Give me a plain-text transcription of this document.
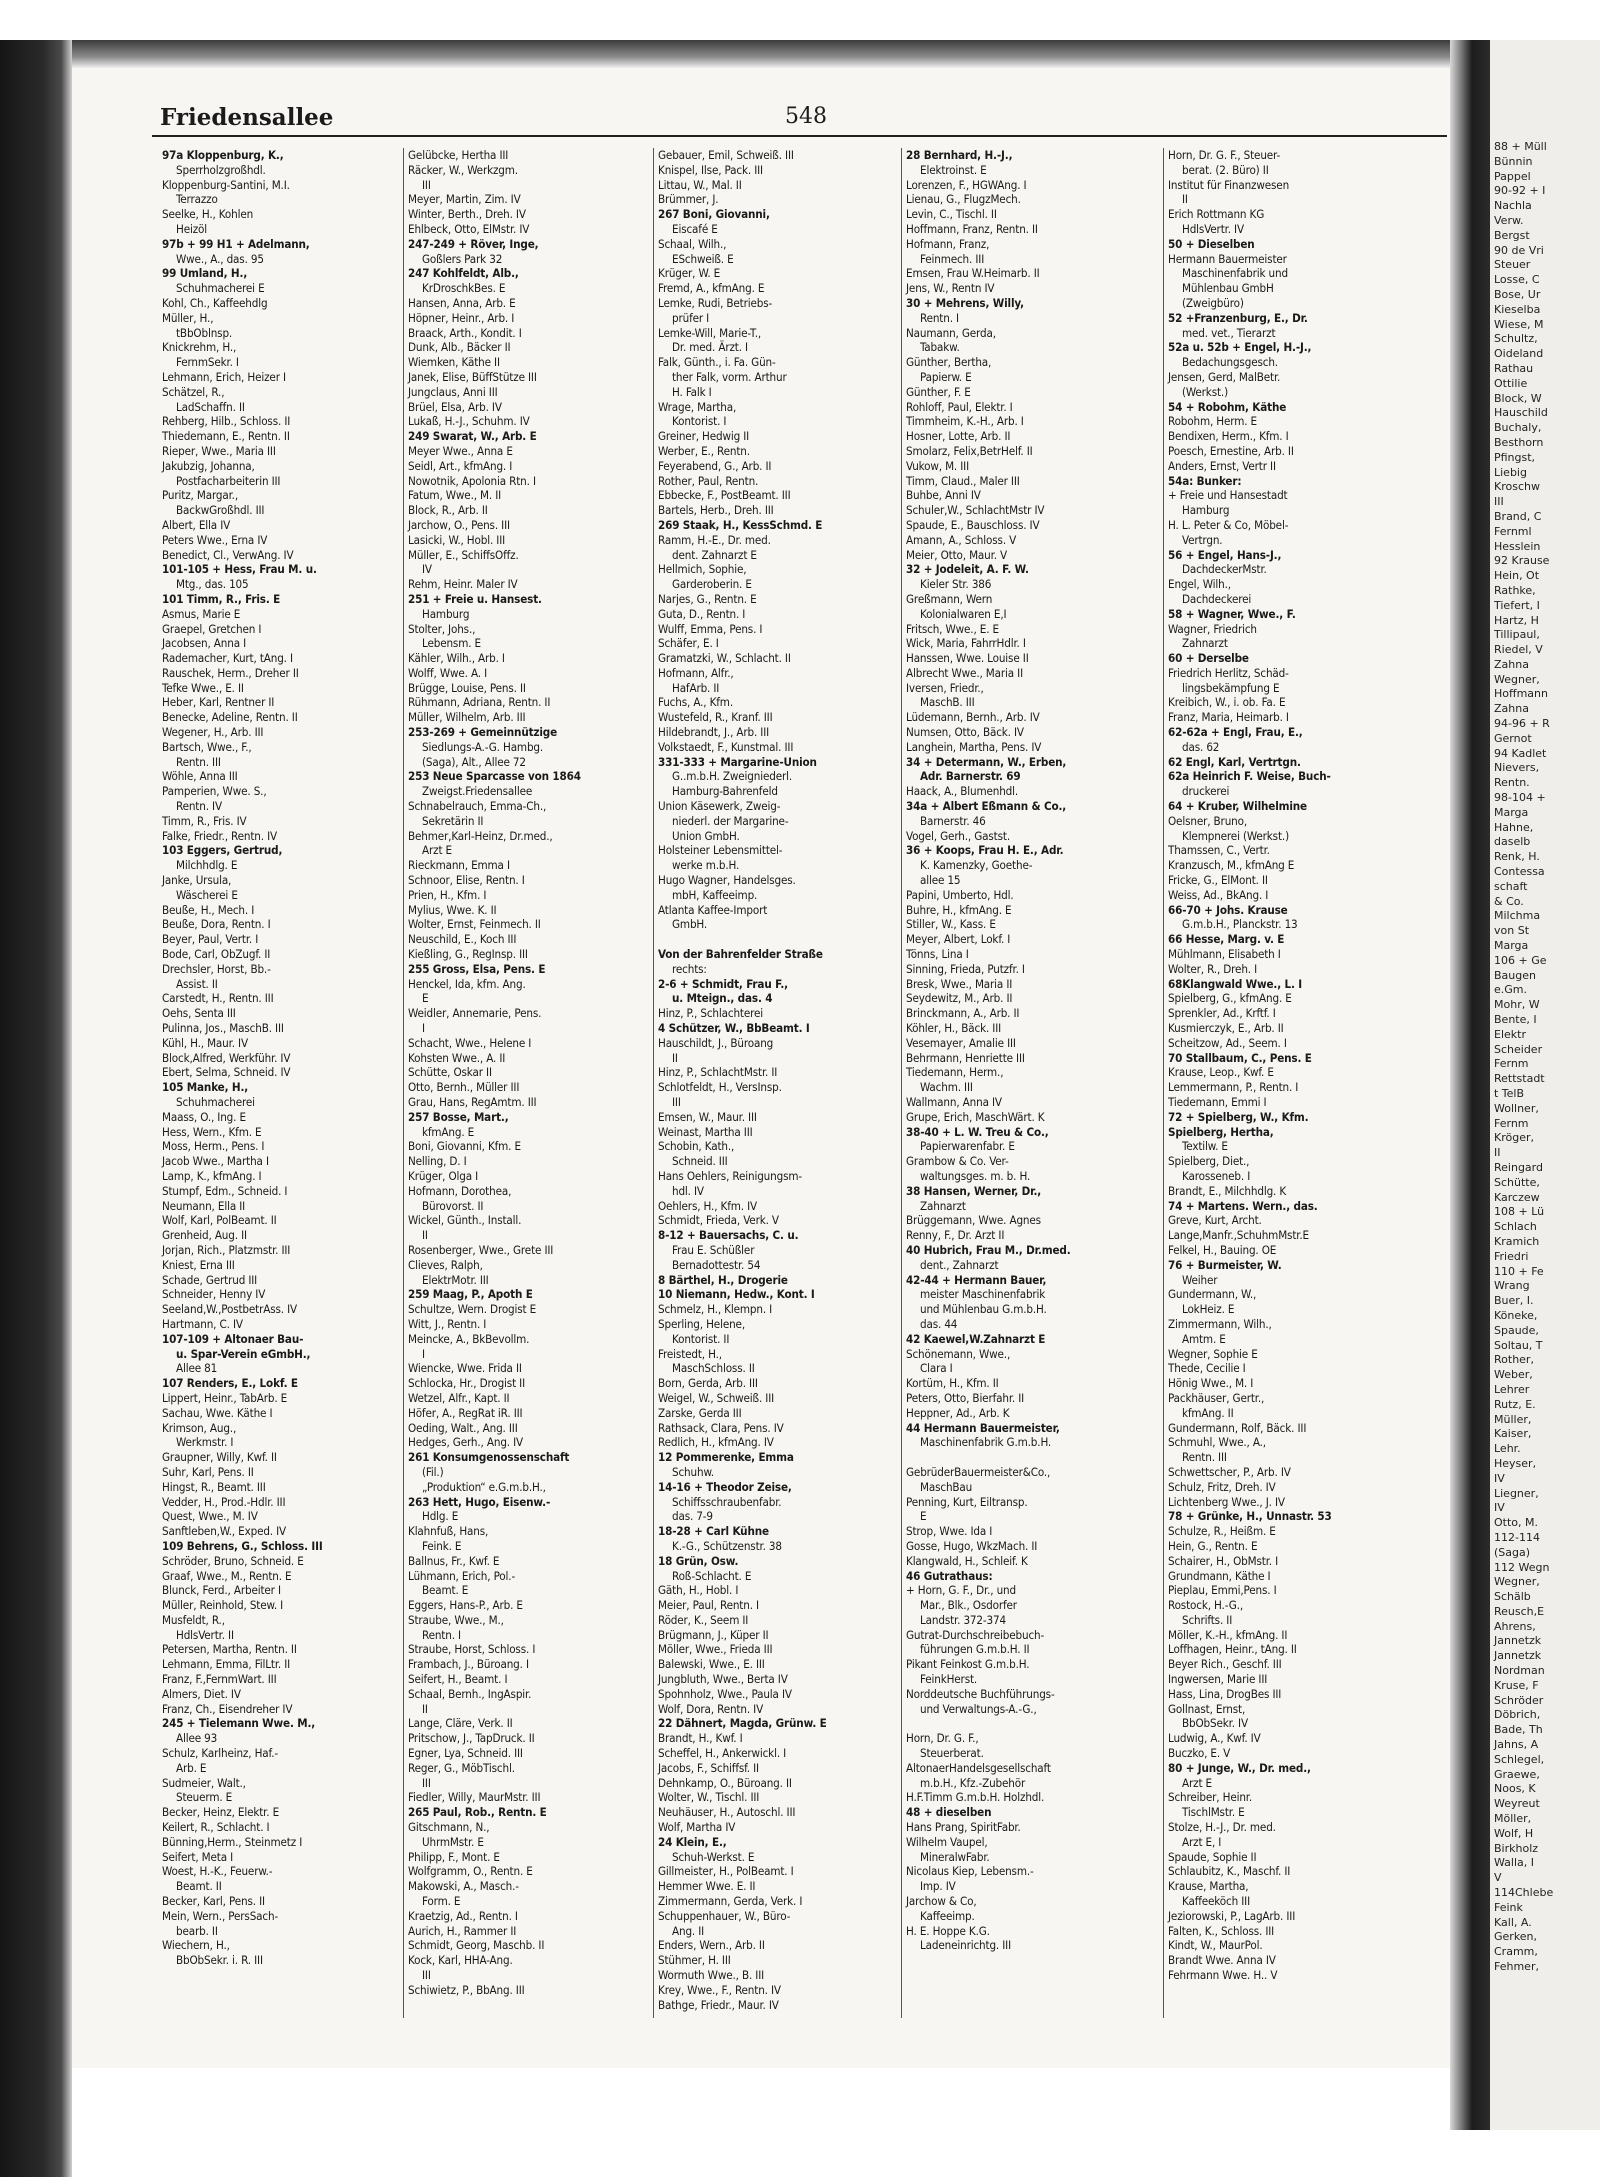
88 + Müll
Bünnin
Pappel
90-92 + I
Nachla
Verw.
Bergst
90 de Vri
Steuer
Losse, C
Bose, Ur
Kieselba
Wiese, M
Schultz,
Oideland
Rathau
Ottilie
Block, W
Hauschild
Buchaly,
Besthorn
Pfingst,
Liebig
Kroschw
III
Brand, C
Fernml
Hesslein
92 Krause
Hein, Ot
Rathke,
Tiefert, I
Hartz, H
Tillipaul,
Riedel, V
Zahna
Wegner,
Hoffmann
Zahna
94-96 + R
Gernot
94 Kadlet
Nievers,
Rentn.
98-104 +
Marga
Hahne,
daselb
Renk, H.
Contessa
schaft
& Co.
Milchma
von St
Marga
106 + Ge
Baugen
e.Gm.
Mohr, W
Bente, I
Elektr
Scheider
Fernm
Rettstadt
t TelB
Wollner,
Fernm
Kröger,
II
Reingard
Schütte,
Karczew
108 + Lü
Schlach
Kramich
Friedri
110 + Fe
Wrang
Buer, I.
Köneke,
Spaude,
Soltau, T
Rother,
Weber,
Lehrer
Rutz, E.
Müller,
Kaiser,
Lehr.
Heyser,
IV
Liegner,
IV
Otto, M.
112-114
(Saga)
112 Wegn
Wegner,
Schälb
Reusch,E
Ahrens,
Jannetzk
Jannetzk
Nordman
Kruse, F
Schröder
Döbrich,
Bade, Th
Jahns, A
Schlegel,
Graewe,
Noos, K
Weyreut
Möller,
Wolf, H
Birkholz
Walla, I
V
114Chlebe
Feink
Kall, A.
Gerken,
Cramm,
Fehmer,
Friedensallee	548
97a Kloppenburg, K.,
Sperrholzgroßhdl.
Kloppenburg-Santini, M.I.
Terrazzo
Seelke, H., Kohlen
Heizöl
97b + 99 H1 + Adelmann,
Wwe., A., das. 95
99 Umland, H.,
Schuhmacherei E
Kohl, Ch., Kaffeehdlg
Müller, H.,
tBbOblnsp.
Knickrehm, H.,
FernmSekr. I
Lehmann, Erich, Heizer I
Schätzel, R.,
LadSchaffn. II
Rehberg, Hilb., Schloss. II
Thiedemann, E., Rentn. II
Rieper, Wwe., Maria III
Jakubzig, Johanna,
Postfacharbeiterin III
Puritz, Margar.,
BackwGroßhdl. III
Albert, Ella IV
Peters Wwe., Erna IV
Benedict, Cl., VerwAng. IV
101-105 + Hess, Frau M. u.
Mtg., das. 105
101 Timm, R., Fris. E
Asmus, Marie E
Graepel, Gretchen I
Jacobsen, Anna I
Rademacher, Kurt, tAng. I
Rauschek, Herm., Dreher II
Tefke Wwe., E. II
Heber, Karl, Rentner II
Benecke, Adeline, Rentn. II
Wegener, H., Arb. III
Bartsch, Wwe., F.,
Rentn. III
Wöhle, Anna III
Pamperien, Wwe. S.,
Rentn. IV
Timm, R., Fris. IV
Falke, Friedr., Rentn. IV
103 Eggers, Gertrud,
Milchhdlg. E
Janke, Ursula,
Wäscherei E
Beuße, H., Mech. I
Beuße, Dora, Rentn. I
Beyer, Paul, Vertr. I
Bode, Carl, ObZugf. II
Drechsler, Horst, Bb.-
Assist. II
Carstedt, H., Rentn. III
Oehs, Senta III
Pulinna, Jos., MaschB. III
Kühl, H., Maur. IV
Block,Alfred, Werkführ. IV
Ebert, Selma, Schneid. IV
105 Manke, H.,
Schuhmacherei
Maass, O., Ing. E
Hess, Wern., Kfm. E
Moss, Herm., Pens. I
Jacob Wwe., Martha I
Lamp, K., kfmAng. I
Stumpf, Edm., Schneid. I
Neumann, Ella II
Wolf, Karl, PolBeamt. II
Grenheid, Aug. II
Jorjan, Rich., Platzmstr. III
Kniest, Erna III
Schade, Gertrud III
Schneider, Henny IV
Seeland,W.,PostbetrAss. IV
Hartmann, C. IV
107-109 + Altonaer Bau-
u. Spar-Verein eGmbH.,
Allee 81
107 Renders, E., Lokf. E
Lippert, Heinr., TabArb. E
Sachau, Wwe. Käthe I
Krimson, Aug.,
Werkmstr. I
Graupner, Willy, Kwf. II
Suhr, Karl, Pens. II
Hingst, R., Beamt. III
Vedder, H., Prod.-Hdlr. III
Quest, Wwe., M. IV
Sanftleben,W., Exped. IV
109 Behrens, G., Schloss. III
Schröder, Bruno, Schneid. E
Graaf, Wwe., M., Rentn. E
Blunck, Ferd., Arbeiter I
Müller, Reinhold, Stew. I
Musfeldt, R.,
HdlsVertr. II
Petersen, Martha, Rentn. II
Lehmann, Emma, FilLtr. II
Franz, F.,FernmWart. III
Almers, Diet. IV
Franz, Ch., Eisendreher IV
245 + Tielemann Wwe. M.,
Allee 93
Schulz, Karlheinz, Haf.-
Arb. E
Sudmeier, Walt.,
Steuerm. E
Becker, Heinz, Elektr. E
Keilert, R., Schlacht. I
Bünning,Herm., Steinmetz I
Seifert, Meta I
Woest, H.-K., Feuerw.-
Beamt. II
Becker, Karl, Pens. II
Mein, Wern., PersSach-
bearb. II
Wiechern, H.,
BbObSekr. i. R. III
Gelübcke, Hertha III
Räcker, W., Werkzgm.
III
Meyer, Martin, Zim. IV
Winter, Berth., Dreh. IV
Ehlbeck, Otto, ElMstr. IV
247-249 + Röver, Inge,
Goßlers Park 32
247 Kohlfeldt, Alb.,
KrDroschkBes. E
Hansen, Anna, Arb. E
Höpner, Heinr., Arb. I
Braack, Arth., Kondit. I
Dunk, Alb., Bäcker II
Wiemken, Käthe II
Janek, Elise, BüffStütze III
Jungclaus, Anni III
Brüel, Elsa, Arb. IV
Lukaß, H.-J., Schuhm. IV
249 Swarat, W., Arb. E
Meyer Wwe., Anna E
Seidl, Art., kfmAng. I
Nowotnik, Apolonia Rtn. I
Fatum, Wwe., M. II
Block, R., Arb. II
Jarchow, O., Pens. III
Lasicki, W., Hobl. III
Müller, E., SchiffsOffz.
IV
Rehm, Heinr. Maler IV
251 + Freie u. Hansest.
Hamburg
Stolter, Johs.,
Lebensm. E
Kähler, Wilh., Arb. I
Wolff, Wwe. A. I
Brügge, Louise, Pens. II
Rühmann, Adriana, Rentn. II
Müller, Wilhelm, Arb. III
253-269 + Gemeinnützige
Siedlungs-A.-G. Hambg.
(Saga), Alt., Allee 72
253 Neue Sparcasse von 1864
Zweigst.Friedensallee
Schnabelrauch, Emma-Ch.,
Sekretärin II
Behmer,Karl-Heinz, Dr.med.,
Arzt E
Rieckmann, Emma I
Schnoor, Elise, Rentn. I
Prien, H., Kfm. I
Mylius, Wwe. K. II
Wolter, Ernst, Feinmech. II
Neuschild, E., Koch III
Kießling, G., RegInsp. III
255 Gross, Elsa, Pens. E
Henckel, Ida, kfm. Ang.
E
Weidler, Annemarie, Pens.
I
Schacht, Wwe., Helene I
Kohsten Wwe., A. II
Schütte, Oskar II
Otto, Bernh., Müller III
Grau, Hans, RegAmtm. III
257 Bosse, Mart.,
kfmAng. E
Boni, Giovanni, Kfm. E
Nelling, D. I
Krüger, Olga I
Hofmann, Dorothea,
Bürovorst. II
Wickel, Günth., Install.
II
Rosenberger, Wwe., Grete III
Clieves, Ralph,
ElektrMotr. III
259 Maag, P., Apoth E
Schultze, Wern. Drogist E
Witt, J., Rentn. I
Meincke, A., BkBevollm.
I
Wiencke, Wwe. Frida II
Schlocka, Hr., Drogist II
Wetzel, Alfr., Kapt. II
Höfer, A., RegRat iR. III
Oeding, Walt., Ang. III
Hedges, Gerh., Ang. IV
261 Konsumgenossenschaft
(Fil.)
„Produktion“ e.G.m.b.H.,
263 Hett, Hugo, Eisenw.-
Hdlg. E
Klahnfuß, Hans,
Feink. E
Ballnus, Fr., Kwf. E
Lühmann, Erich, Pol.-
Beamt. E
Eggers, Hans-P., Arb. E
Straube, Wwe., M.,
Rentn. I
Straube, Horst, Schloss. I
Frambach, J., Büroang. I
Seifert, H., Beamt. I
Schaal, Bernh., IngAspir.
II
Lange, Cläre, Verk. II
Pritschow, J., TapDruck. II
Egner, Lya, Schneid. III
Reger, G., MöbTischl.
III
Fiedler, Willy, MaurMstr. III
265 Paul, Rob., Rentn. E
Gitschmann, N.,
UhrmMstr. E
Philipp, F., Mont. E
Wolfgramm, O., Rentn. E
Makowski, A., Masch.-
Form. E
Kraetzig, Ad., Rentn. I
Aurich, H., Rammer II
Schmidt, Georg, Maschb. II
Kock, Karl, HHA-Ang.
III
Schiwietz, P., BbAng. III
Gebauer, Emil, Schweiß. III
Knispel, Ilse, Pack. III
Littau, W., Mal. II
Brümmer, J.
267 Boni, Giovanni,
Eiscafé E
Schaal, Wilh.,
ESchweiß. E
Krüger, W. E
Fremd, A., kfmAng. E
Lemke, Rudi, Betriebs-
prüfer I
Lemke-Will, Marie-T.,
Dr. med. Ärzt. I
Falk, Günth., i. Fa. Gün-
ther Falk, vorm. Arthur
H. Falk I
Wrage, Martha,
Kontorist. I
Greiner, Hedwig II
Werber, E., Rentn.
Feyerabend, G., Arb. II
Rother, Paul, Rentn.
Ebbecke, F., PostBeamt. III
Bartels, Herb., Dreh. III
269 Staak, H., KessSchmd. E
Ramm, H.-E., Dr. med.
dent. Zahnarzt E
Hellmich, Sophie,
Garderoberin. E
Narjes, G., Rentn. E
Guta, D., Rentn. I
Wulff, Emma, Pens. I
Schäfer, E. I
Gramatzki, W., Schlacht. II
Hofmann, Alfr.,
HafArb. II
Fuchs, A., Kfm.
Wustefeld, R., Kranf. III
Hildebrandt, J., Arb. III
Volkstaedt, F., Kunstmal. III
331-333 + Margarine-Union
G..m.b.H. Zweigniederl.
Hamburg-Bahrenfeld
Union Käsewerk, Zweig-
niederl. der Margarine-
Union GmbH.
Holsteiner Lebensmittel-
werke m.b.H.
Hugo Wagner, Handelsges.
mbH, Kaffeeimp.
Atlanta Kaffee-Import
GmbH.

Von der Bahrenfelder Straße
rechts:
2-6 + Schmidt, Frau F.,
u. Mteign., das. 4
Hinz, P., Schlachterei
4 Schützer, W., BbBeamt. I
Hauschildt, J., Büroang
II
Hinz, P., SchlachtMstr. II
Schlotfeldt, H., VersInsp.
III
Emsen, W., Maur. III
Weinast, Martha III
Schobin, Kath.,
Schneid. III
Hans Oehlers, Reinigungsm-
hdl. IV
Oehlers, H., Kfm. IV
Schmidt, Frieda, Verk. V
8-12 + Bauersachs, C. u.
Frau E. Schüßler
Bernadottestr. 54
8 Bärthel, H., Drogerie
10 Niemann, Hedw., Kont. I
Schmelz, H., Klempn. I
Sperling, Helene,
Kontorist. II
Freistedt, H.,
MaschSchloss. II
Born, Gerda, Arb. III
Weigel, W., Schweiß. III
Zarske, Gerda III
Rathsack, Clara, Pens. IV
Redlich, H., kfmAng. IV
12 Pommerenke, Emma
Schuhw.
14-16 + Theodor Zeise,
Schiffsschraubenfabr.
das. 7-9
18-28 + Carl Kühne
K.-G., Schützenstr. 38
18 Grün, Osw.
Roß-Schlacht. E
Gäth, H., Hobl. I
Meier, Paul, Rentn. I
Röder, K., Seem II
Brügmann, J., Küper II
Möller, Wwe., Frieda III
Balewski, Wwe., E. III
Jungbluth, Wwe., Berta IV
Spohnholz, Wwe., Paula IV
Wolf, Dora, Rentn. IV
22 Dähnert, Magda, Grünw. E
Brandt, H., Kwf. I
Scheffel, H., Ankerwickl. I
Jacobs, F., Schiffsf. II
Dehnkamp, O., Büroang. II
Wolter, W., Tischl. III
Neuhäuser, H., Autoschl. III
Wolf, Martha IV
24 Klein, E.,
Schuh-Werkst. E
Gillmeister, H., PolBeamt. I
Hemmer Wwe. E. II
Zimmermann, Gerda, Verk. I
Schuppenhauer, W., Büro-
Ang. II
Enders, Wern., Arb. II
Stühmer, H. III
Wormuth Wwe., B. III
Krey, Wwe., F., Rentn. IV
Bathge, Friedr., Maur. IV
28 Bernhard, H.-J.,
Elektroinst. E
Lorenzen, F., HGWAng. I
Lienau, G., FlugzMech.
Levin, C., Tischl. II
Hoffmann, Franz, Rentn. II
Hofmann, Franz,
Feinmech. III
Emsen, Frau W.Heimarb. II
Jens, W., Rentn IV
30 + Mehrens, Willy,
Rentn. I
Naumann, Gerda,
Tabakw.
Günther, Bertha,
Papierw. E
Günther, F. E
Rohloff, Paul, Elektr. I
Timmheim, K.-H., Arb. I
Hosner, Lotte, Arb. II
Smolarz, Felix,BetrHelf. II
Vukow, M. III
Timm, Claud., Maler III
Buhbe, Anni IV
Schuler,W., SchlachtMstr IV
Spaude, E., Bauschloss. IV
Amann, A., Schloss. V
Meier, Otto, Maur. V
32 + Jodeleit, A. F. W.
Kieler Str. 386
Greßmann, Wern
Kolonialwaren E,I
Fritsch, Wwe., E. E
Wick, Maria, FahrrHdlr. I
Hanssen, Wwe. Louise II
Albrecht Wwe., Maria II
Iversen, Friedr.,
MaschB. III
Lüdemann, Bernh., Arb. IV
Numsen, Otto, Bäck. IV
Langhein, Martha, Pens. IV
34 + Determann, W., Erben,
Adr. Barnerstr. 69
Haack, A., Blumenhdl.
34a + Albert Eßmann & Co.,
Barnerstr. 46
Vogel, Gerh., Gastst.
36 + Koops, Frau H. E., Adr.
K. Kamenzky, Goethe-
allee 15
Papini, Umberto, Hdl.
Buhre, H., kfmAng. E
Stiller, W., Kass. E
Meyer, Albert, Lokf. I
Tönns, Lina I
Sinning, Frieda, Putzfr. I
Bresk, Wwe., Maria II
Seydewitz, M., Arb. II
Brinckmann, A., Arb. II
Köhler, H., Bäck. III
Vesemayer, Amalie III
Behrmann, Henriette III
Tiedemann, Herm.,
Wachm. III
Wallmann, Anna IV
Grupe, Erich, MaschWärt. K
38-40 + L. W. Treu & Co.,
Papierwarenfabr. E
Grambow & Co. Ver-
waltungsges. m. b. H.
38 Hansen, Werner, Dr.,
Zahnarzt
Brüggemann, Wwe. Agnes
Renny, F., Dr. Arzt II
40 Hubrich, Frau M., Dr.med.
dent., Zahnarzt
42-44 + Hermann Bauer,
meister Maschinenfabrik
und Mühlenbau G.m.b.H.
das. 44
42 Kaewel,W.Zahnarzt E
Schönemann, Wwe.,
Clara I
Kortüm, H., Kfm. II
Peters, Otto, Bierfahr. II
Heppner, Ad., Arb. K
44 Hermann Bauermeister,
Maschinenfabrik G.m.b.H.

GebrüderBauermeister&Co.,
MaschBau
Penning, Kurt, Eiltransp.
E
Strop, Wwe. Ida I
Gosse, Hugo, WkzMach. II
Klangwald, H., Schleif. K
46 Gutrathaus:
+ Horn, G. F., Dr., und
Mar., Blk., Osdorfer
Landstr. 372-374
Gutrat-Durchschreibebuch-
führungen G.m.b.H. II
Pikant Feinkost G.m.b.H.
FeinkHerst.
Norddeutsche Buchführungs-
und Verwaltungs-A.-G.,

Horn, Dr. G. F.,
Steuerberat.
AltonaerHandelsgesellschaft
m.b.H., Kfz.-Zubehör
H.F.Timm G.m.b.H. Holzhdl.
48 + dieselben
Hans Prang, SpiritFabr.
Wilhelm Vaupel,
MineralwFabr.
Nicolaus Kiep, Lebensm.-
Imp. IV
Jarchow & Co,
Kaffeeimp.
H. E. Hoppe K.G.
Ladeneinrichtg. III
Horn, Dr. G. F., Steuer-
berat. (2. Büro) II
Institut für Finanzwesen
II
Erich Rottmann KG
HdlsVertr. IV
50 + Dieselben
Hermann Bauermeister
Maschinenfabrik und
Mühlenbau GmbH
(Zweigbüro)
52 +Franzenburg, E., Dr.
med. vet., Tierarzt
52a u. 52b + Engel, H.-J.,
Bedachungsgesch.
Jensen, Gerd, MalBetr.
(Werkst.)
54 + Robohm, Käthe
Robohm, Herm. E
Bendixen, Herm., Kfm. I
Poesch, Ernestine, Arb. II
Anders, Ernst, Vertr II
54a: Bunker:
+ Freie und Hansestadt
Hamburg
H. L. Peter & Co, Möbel-
Vertrgn.
56 + Engel, Hans-J.,
DachdeckerMstr.
Engel, Wilh.,
Dachdeckerei
58 + Wagner, Wwe., F.
Wagner, Friedrich
Zahnarzt
60 + Derselbe
Friedrich Herlitz, Schäd-
lingsbekämpfung E
Kreibich, W., i. ob. Fa. E
Franz, Maria, Heimarb. I
62-62a + Engl, Frau, E.,
das. 62
62 Engl, Karl, Vertrtgn.
62a Heinrich F. Weise, Buch-
druckerei
64 + Kruber, Wilhelmine
Oelsner, Bruno,
Klempnerei (Werkst.)
Thamssen, C., Vertr.
Kranzusch, M., kfmAng E
Fricke, G., ElMont. II
Weiss, Ad., BkAng. I
66-70 + Johs. Krause
G.m.b.H., Planckstr. 13
66 Hesse, Marg. v. E
Mühlmann, Elisabeth I
Wolter, R., Dreh. I
68Klangwald Wwe., L. I
Spielberg, G., kfmAng. E
Sprenkler, Ad., Krftf. I
Kusmierczyk, E., Arb. II
Scheitzow, Ad., Seem. I
70 Stallbaum, C., Pens. E
Krause, Leop., Kwf. E
Lemmermann, P., Rentn. I
Tiedemann, Emmi I
72 + Spielberg, W., Kfm.
Spielberg, Hertha,
Textilw. E
Spielberg, Diet.,
Karosseneb. I
Brandt, E., Milchhdlg. K
74 + Martens. Wern., das.
Greve, Kurt, Archt.
Lange,Manfr.,SchuhmMstr.E
Felkel, H., Bauing. OE
76 + Burmeister, W.
Weiher
Gundermann, W.,
LokHeiz. E
Zimmermann, Wilh.,
Amtm. E
Wegner, Sophie E
Thede, Cecilie I
Hönig Wwe., M. I
Packhäuser, Gertr.,
kfmAng. II
Gundermann, Rolf, Bäck. III
Schmuhl, Wwe., A.,
Rentn. III
Schwettscher, P., Arb. IV
Schulz, Fritz, Dreh. IV
Lichtenberg Wwe., J. IV
78 + Grünke, H., Unnastr. 53
Schulze, R., Heißm. E
Hein, G., Rentn. E
Schairer, H., ObMstr. I
Grundmann, Käthe I
Pieplau, Emmi,Pens. I
Rostock, H.-G.,
Schrifts. II
Möller, K.-H., kfmAng. II
Loffhagen, Heinr., tAng. II
Beyer Rich., Geschf. III
Ingwersen, Marie III
Hass, Lina, DrogBes III
Gollnast, Ernst,
BbObSekr. IV
Ludwig, A., Kwf. IV
Buczko, E. V
80 + Junge, W., Dr. med.,
Arzt E
Schreiber, Heinr.
TischlMstr. E
Stolze, H.-J., Dr. med.
Arzt E, I
Spaude, Sophie II
Schlaubitz, K., Maschf. II
Krause, Martha,
Kaffeeköch III
Jeziorowski, P., LagArb. III
Falten, K., Schloss. III
Kindt, W., MaurPol.
Brandt Wwe. Anna IV
Fehrmann Wwe. H.. V
